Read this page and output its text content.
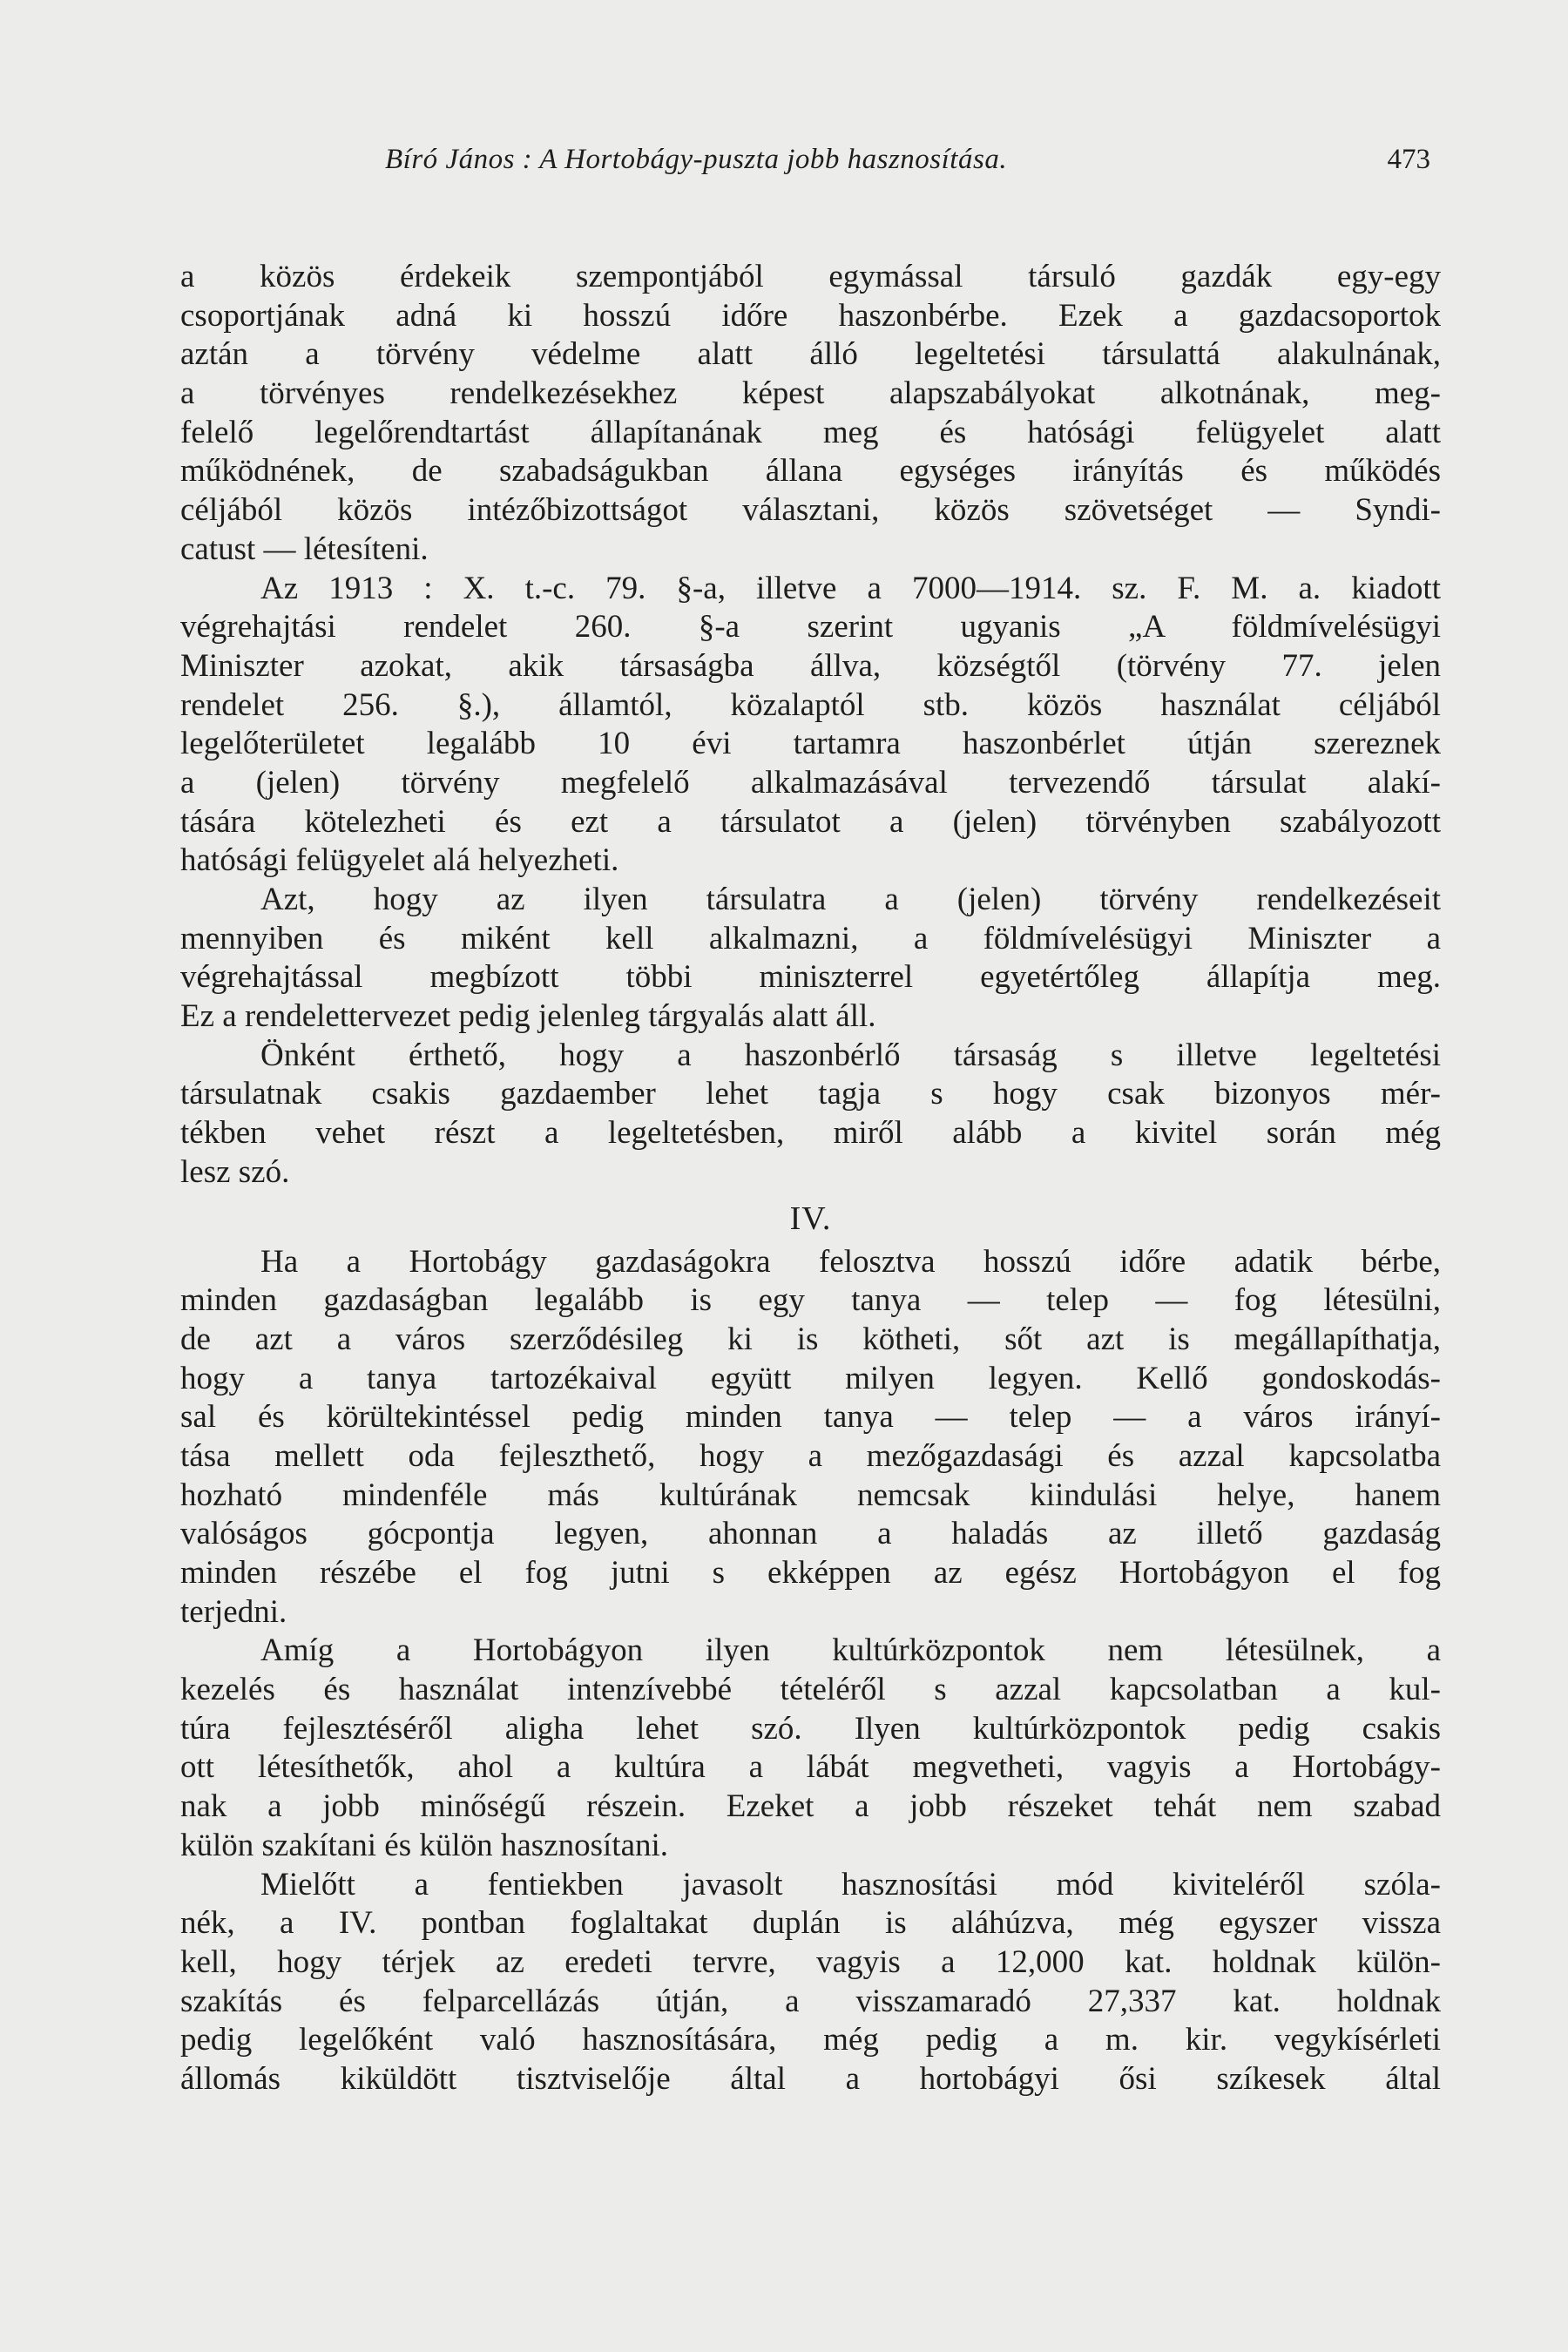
Bíró János : A Hortobágy-puszta jobb hasznosítása.	473
a közös érdekeik szempontjából egymással társuló gazdák egy-egy
csoportjának adná ki hosszú időre haszonbérbe. Ezek a gazdacsoportok
aztán a törvény védelme alatt álló legeltetési társulattá alakulnának,
a törvényes rendelkezésekhez képest alapszabályokat alkotnának, meg-
felelő legelőrendtartást állapítanának meg és hatósági felügyelet alatt
működnének, de szabadságukban állana egységes irányítás és működés
céljából közös intézőbizottságot választani, közös szövetséget — Syndi-
catust — létesíteni.
Az 1913 : X. t.-c. 79. §-a, illetve a 7000—1914. sz. F. M. a. kiadott
végrehajtási rendelet 260. §-a szerint ugyanis „A földmívelésügyi
Miniszter azokat, akik társaságba állva, községtől (törvény 77. jelen
rendelet 256. §.), államtól, közalaptól stb. közös használat céljából
legelőterületet legalább 10 évi tartamra haszonbérlet útján szereznek
a (jelen) törvény megfelelő alkalmazásával tervezendő társulat alakí-
tására kötelezheti és ezt a társulatot a (jelen) törvényben szabályozott
hatósági felügyelet alá helyezheti.
Azt, hogy az ilyen társulatra a (jelen) törvény rendelkezéseit
mennyiben és miként kell alkalmazni, a földmívelésügyi Miniszter a
végrehajtással megbízott többi miniszterrel egyetértőleg állapítja meg.
Ez a rendelettervezet pedig jelenleg tárgyalás alatt áll.
Önként érthető, hogy a haszonbérlő társaság s illetve legeltetési
társulatnak csakis gazdaember lehet tagja s hogy csak bizonyos mér-
tékben vehet részt a legeltetésben, miről alább a kivitel során még
lesz szó.
IV.
Ha a Hortobágy gazdaságokra felosztva hosszú időre adatik bérbe,
minden gazdaságban legalább is egy tanya — telep — fog létesülni,
de azt a város szerződésileg ki is kötheti, sőt azt is megállapíthatja,
hogy a tanya tartozékaival együtt milyen legyen. Kellő gondoskodás-
sal és körültekintéssel pedig minden tanya — telep — a város irányí-
tása mellett oda fejleszthető, hogy a mezőgazdasági és azzal kapcsolatba
hozható mindenféle más kultúrának nemcsak kiindulási helye, hanem
valóságos gócpontja legyen, ahonnan a haladás az illető gazdaság
minden részébe el fog jutni s ekképpen az egész Hortobágyon el fog
terjedni.
Amíg a Hortobágyon ilyen kultúrközpontok nem létesülnek, a
kezelés és használat intenzívebbé tételéről s azzal kapcsolatban a kul-
túra fejlesztéséről aligha lehet szó. Ilyen kultúrközpontok pedig csakis
ott létesíthetők, ahol a kultúra a lábát megvetheti, vagyis a Hortobágy-
nak a jobb minőségű részein. Ezeket a jobb részeket tehát nem szabad
külön szakítani és külön hasznosítani.
Mielőtt a fentiekben javasolt hasznosítási mód kiviteléről szóla-
nék, a IV. pontban foglaltakat duplán is aláhúzva, még egyszer vissza
kell, hogy térjek az eredeti tervre, vagyis a 12,000 kat. holdnak külön-
szakítás és felparcellázás útján, a visszamaradó 27,337 kat. holdnak
pedig legelőként való hasznosítására, még pedig a m. kir. vegykísérleti
állomás kiküldött tisztviselője által a hortobágyi ősi szíkesek által
